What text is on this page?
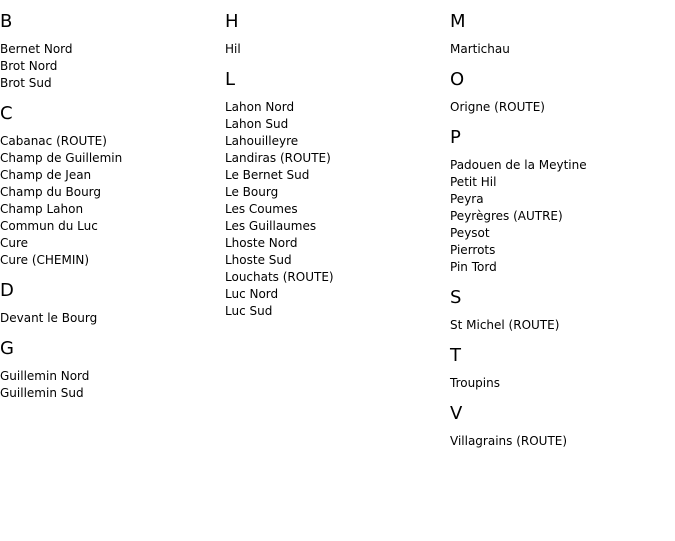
B
Bernet Nord
Brot Nord
Brot Sud
C
Cabanac (ROUTE)
Champ de Guillemin
Champ de Jean
Champ du Bourg
Champ Lahon
Commun du Luc
Cure
Cure (CHEMIN)
D
Devant le Bourg
G
Guillemin Nord
Guillemin Sud
H
Hil
L
Lahon Nord
Lahon Sud
Lahouilleyre
Landiras (ROUTE)
Le Bernet Sud
Le Bourg
Les Coumes
Les Guillaumes
Lhoste Nord
Lhoste Sud
Louchats (ROUTE)
Luc Nord
Luc Sud
M
Martichau
O
Origne (ROUTE)
P
Padouen de la Meytine
Petit Hil
Peyra
Peyrègres (AUTRE)
Peysot
Pierrots
Pin Tord
S
St Michel (ROUTE)
T
Troupins
V
Villagrains (ROUTE)
